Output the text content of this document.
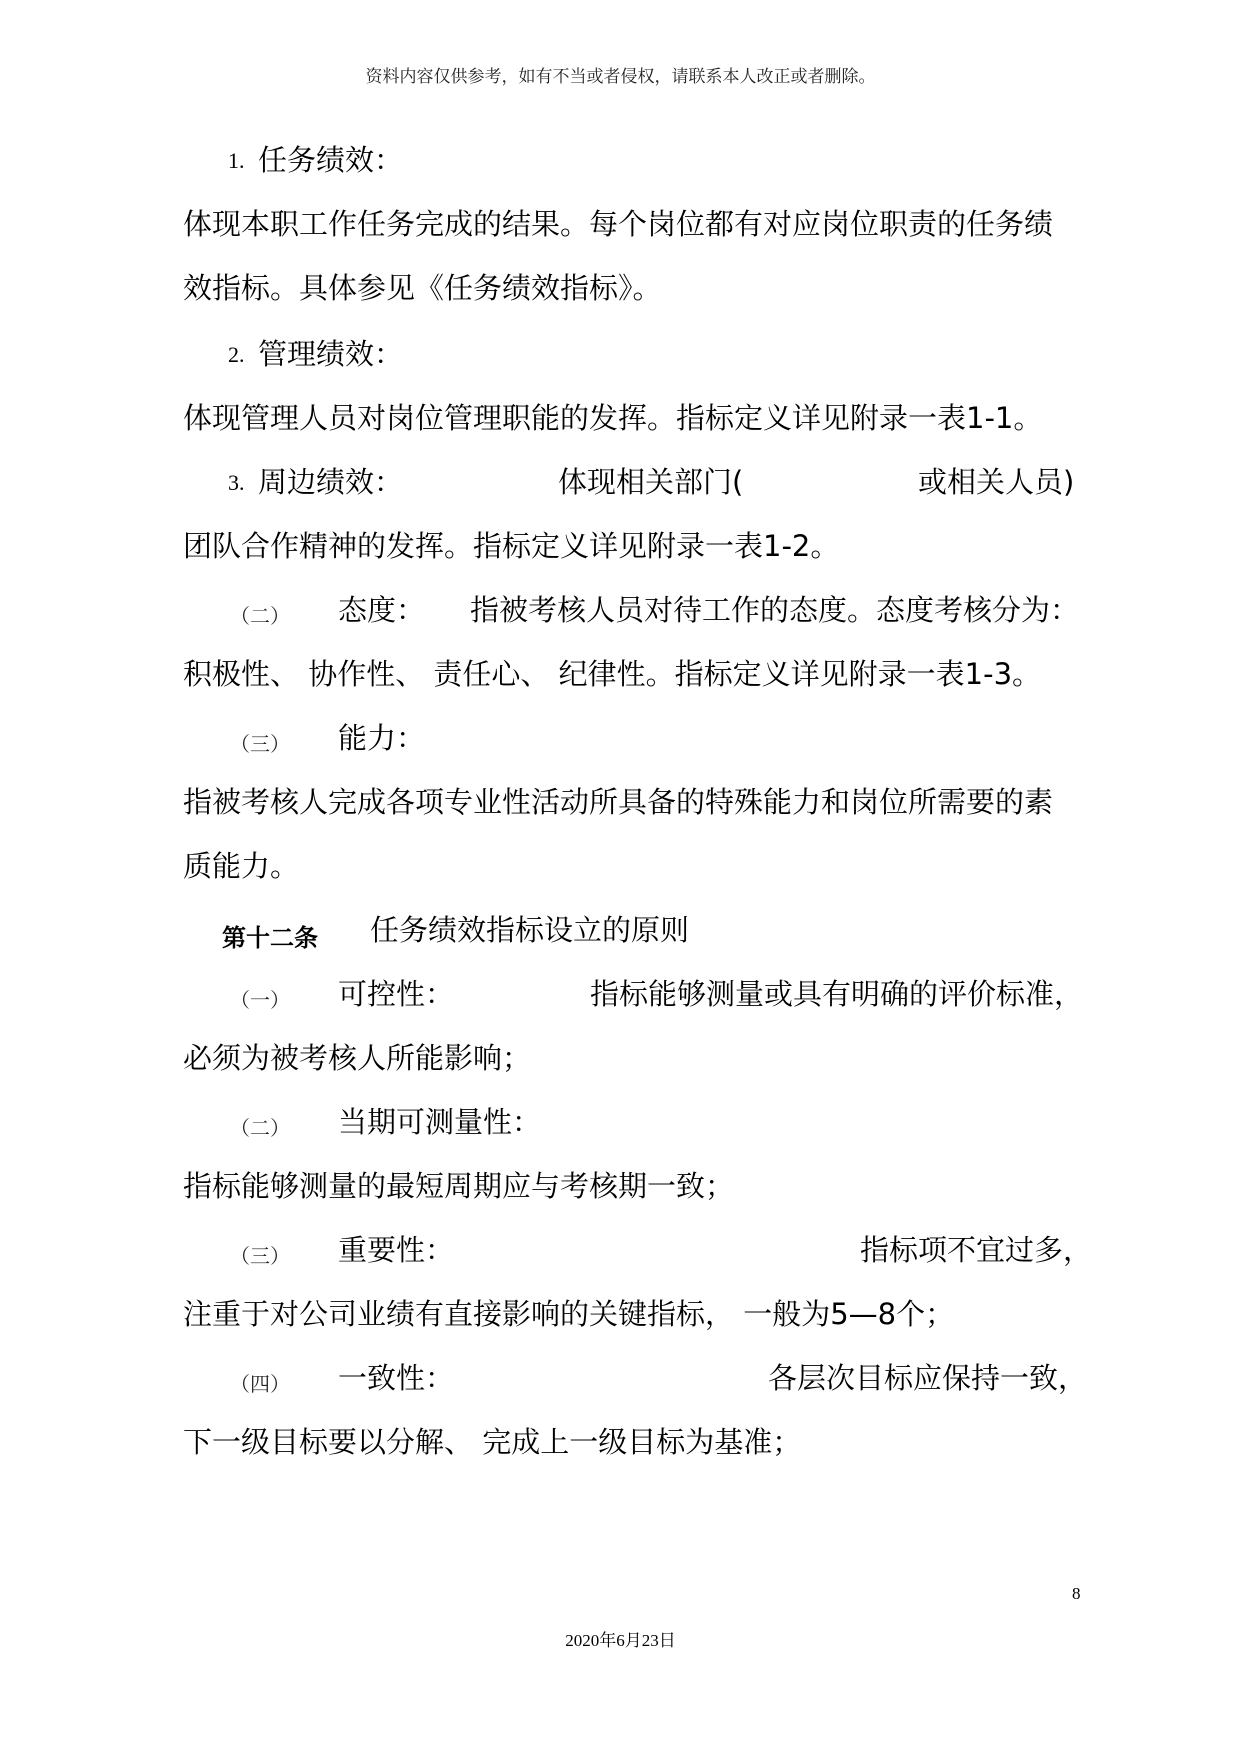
资料内容仅供参考，如有不当或者侵权，请联系本人改正或者删除。
1. 任务绩效：
体现本职工作任务完成的结果。每个岗位都有对应岗位职责的任务绩
效指标。具体参见《任务绩效指标》。
2. 管理绩效：
体现管理人员对岗位管理职能的发挥。指标定义详见附录一表1-1。
3. 周边绩效：	体现相关部门(	或相关人员)
团队合作精神的发挥。指标定义详见附录一表1-2。
（二） 态度： 指被考核人员对待工作的态度。态度考核分为：
积极性、 协作性、 责任心、 纪律性。指标定义详见附录一表1-3。
（三） 能力：
指被考核人完成各项专业性活动所具备的特殊能力和岗位所需要的素
质能力。
第十二条 任务绩效指标设立的原则
（一） 可控性：	指标能够测量或具有明确的评价标准，
必须为被考核人所能影响；
（二） 当期可测量性：
指标能够测量的最短周期应与考核期一致；
（三） 重要性：	指标项不宜过多，
注重于对公司业绩有直接影响的关键指标， 一般为5—8个；
（四） 一致性：	各层次目标应保持一致，
下一级目标要以分解、 完成上一级目标为基准；
8
2020年6月23日
